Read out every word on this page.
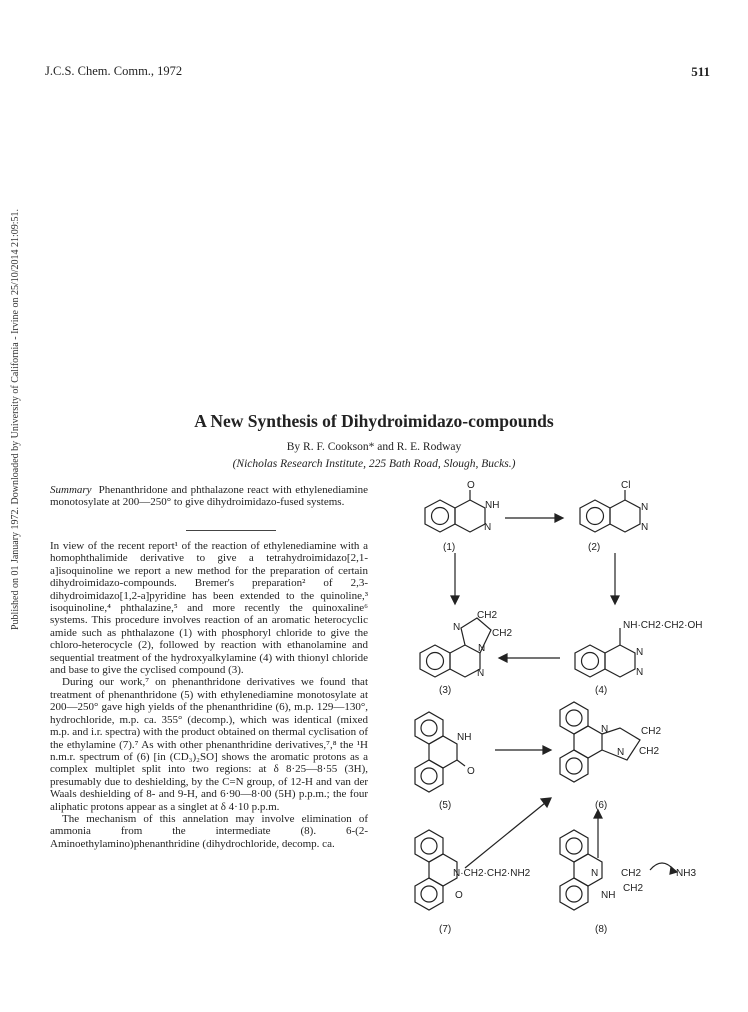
J.C.S. Chem. Comm., 1972	511
Published on 01 January 1972. Downloaded by University of California - Irvine on 25/10/2014 21:09:51.	A New Synthesis of Dihydroimidazo-compounds
By R. F. Cookson* and R. E. Rodway
(Nicholas Research Institute, 225 Bath Road, Slough, Bucks.)
Summary Phenanthridone and phthalazone react with ethylenediamine monotosylate at 200—250° to give dihydroimidazo-fused systems.

In view of the recent report¹ of the reaction of ethylenediamine with a homophthalimide derivative to give a tetrahydroimidazo[2,1-a]isoquinoline we report a new method for the preparation of certain dihydroimidazo-compounds. Bremer's preparation² of 2,3-dihydroimidazo[1,2-a]pyridine has been extended to the quinoline,³ isoquinoline,⁴ phthalazine,⁵ and more recently the quinoxaline⁶ systems. This procedure involves reaction of an aromatic heterocyclic amide such as phthalazone (1) with phosphoryl chloride to give the chloro-heterocycle (2), followed by reaction with ethanolamine and sequential treatment of the hydroxyalkylamine (4) with thionyl chloride and base to give the cyclised compound (3).

During our work,⁷ on phenanthridone derivatives we found that treatment of phenanthridone (5) with ethylenediamine monotosylate at 200—250° gave high yields of the phenanthridine (6), m.p. 129—130°, hydrochloride, m.p. ca. 355° (decomp.), which was identical (mixed m.p. and i.r. spectra) with the product obtained on thermal cyclisation of the ethylamine (7).⁷ As with other phenanthridine derivatives,⁷,⁸ the ¹H n.m.r. spectrum of (6) [in (CD₃)₂SO] shows the aromatic protons as a complex multiplet split into two regions: at δ 8·25—8·55 (3H), presumably due to deshielding, by the C=N group, of 12-H and van der Waals deshielding of 8- and 9-H, and 6·90—8·00 (5H) p.p.m.; the four aliphatic protons appear as a singlet at δ 4·10 p.p.m.

The mechanism of this annelation may involve elimination of ammonia from the intermediate (8). 6-(2-Aminoethylamino)phenanthridine (dihydrochloride, decomp. ca.

O
NH
N
Cl
N
N
N
N
N
CH2
CH2
NH·CH2·CH2·OH
N
N
NH
O
N
N
CH2
CH2
N·CH2·CH2·NH2
O
N
NH
CH2
CH2
NH3
(1)	(2)
(3)	(4)
(5)	(6)
(7)	(8)
